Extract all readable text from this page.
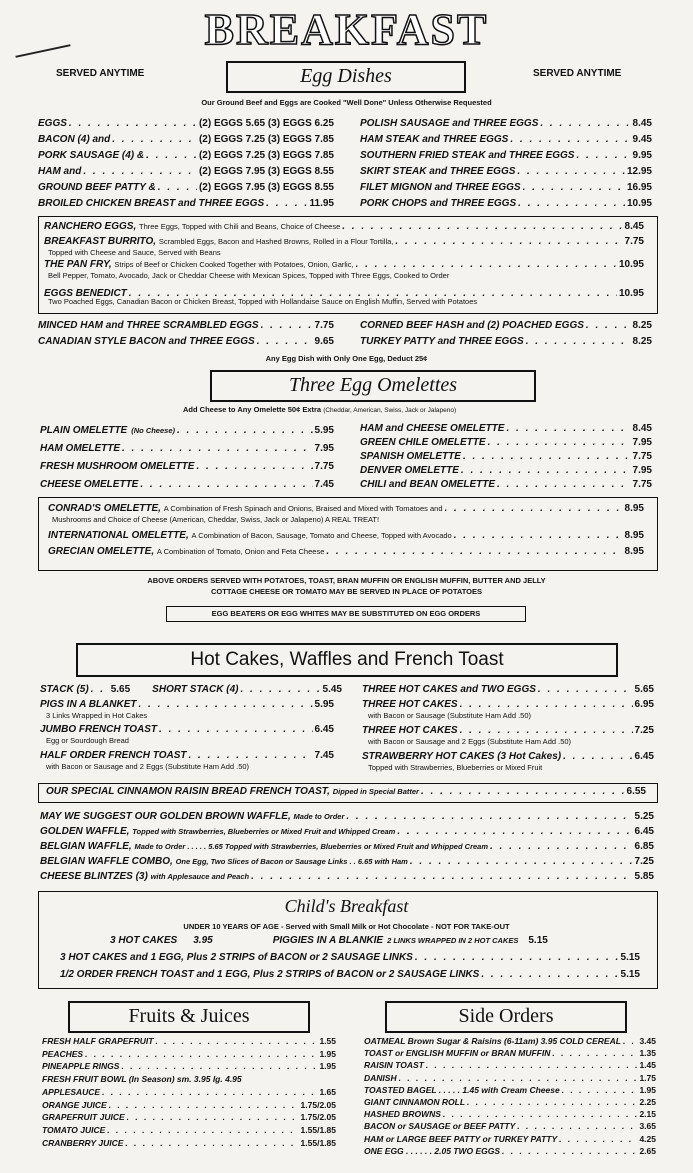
BREAKFAST
SERVED ANYTIME	SERVED ANYTIME
Egg Dishes
Our Ground Beef and Eggs are Cooked "Well Done" Unless Otherwise Requested
EGGS . . .	(2) EGGS 5.65 (3) EGGS 6.25
BACON (4) and . . .	(2) EGGS 7.25 (3) EGGS 7.85
PORK SAUSAGE (4) & . . .	(2) EGGS 7.25 (3) EGGS 7.85
HAM and . . .	(2) EGGS 7.95 (3) EGGS 8.55
GROUND BEEF PATTY & . . .	(2) EGGS 7.95 (3) EGGS 8.55
BROILED CHICKEN BREAST and THREE EGGS . . .	11.95
POLISH SAUSAGE and THREE EGGS . . .	8.45
HAM STEAK and THREE EGGS . . .	9.45
SOUTHERN FRIED STEAK and THREE EGGS . . .	9.95
SKIRT STEAK and THREE EGGS . . .	12.95
FILET MIGNON and THREE EGGS . . .	16.95
PORK CHOPS and THREE EGGS . . .	10.95
RANCHERO EGGS, Three Eggs, Topped with Chili and Beans, Choice of Cheese . . .	8.45
BREAKFAST BURRITO, Scrambled Eggs, Bacon and Hashed Browns, Rolled in a Flour Tortilla, . . .	7.75
Topped with Cheese and Sauce, Served with Beans
THE PAN FRY, Strips of Beef or Chicken Cooked Together with Potatoes, Onion, Garlic, . . .	10.95
Bell Pepper, Tomato, Avocado, Jack or Cheddar Cheese with Mexican Spices, Topped with Three Eggs, Cooked to Order
EGGS BENEDICT . . .	10.95
Two Poached Eggs, Canadian Bacon or Chicken Breast, Topped with Hollandaise Sauce on English Muffin, Served with Potatoes
MINCED HAM and THREE SCRAMBLED EGGS . . .	7.75
CANADIAN STYLE BACON and THREE EGGS . . .	9.65
CORNED BEEF HASH and (2) POACHED EGGS . . .	8.25
TURKEY PATTY and THREE EGGS . . .	8.25
Any Egg Dish with Only One Egg, Deduct 25¢
Three Egg Omelettes
Add Cheese to Any Omelette 50¢ Extra (Cheddar, American, Swiss, Jack or Jalapeno)
PLAIN OMELETTE (No Cheese) . . .	5.95
HAM OMELETTE . . .	7.95
FRESH MUSHROOM OMELETTE . . .	7.75
CHEESE OMELETTE . . .	7.45
HAM and CHEESE OMELETTE . . .	8.45
GREEN CHILE OMELETTE . . .	7.95
SPANISH OMELETTE . . .	7.75
DENVER OMELETTE . . .	7.95
CHILI and BEAN OMELETTE . . .	7.75
CONRAD'S OMELETTE, A Combination of Fresh Spinach and Onions, Braised and Mixed with Tomatoes and . . .	8.95
Mushrooms and Choice of Cheese (American, Cheddar, Swiss, Jack or Jalapeno) A REAL TREAT!
INTERNATIONAL OMELETTE, A Combination of Bacon, Sausage, Tomato and Cheese, Topped with Avocado . . .	8.95
GRECIAN OMELETTE, A Combination of Tomato, Onion and Feta Cheese . . .	8.95
ABOVE ORDERS SERVED WITH POTATOES, TOAST, BRAN MUFFIN OR ENGLISH MUFFIN, BUTTER AND JELLY
COTTAGE CHEESE OR TOMATO MAY BE SERVED IN PLACE OF POTATOES
EGG BEATERS OR EGG WHITES MAY BE SUBSTITUTED ON EGG ORDERS
Hot Cakes, Waffles and French Toast
STACK (5) . . . 5.65 SHORT STACK (4) . . .	5.45
PIGS IN A BLANKET . . .	5.95
3 Links Wrapped in Hot Cakes
JUMBO FRENCH TOAST . . .	6.45
Egg or Sourdough Bread
HALF ORDER FRENCH TOAST . . .	7.45
with Bacon or Sausage and 2 Eggs (Substitute Ham Add .50)
THREE HOT CAKES and TWO EGGS . . .	5.65
THREE HOT CAKES . . .	6.95
with Bacon or Sausage (Substitute Ham Add .50)
THREE HOT CAKES . . .	7.25
with Bacon or Sausage and 2 Eggs (Substitute Ham Add .50)
STRAWBERRY HOT CAKES (3 Hot Cakes) . . .	6.45
Topped with Strawberries, Blueberries or Mixed Fruit
OUR SPECIAL CINNAMON RAISIN BREAD FRENCH TOAST, Dipped in Special Batter . . .	6.55
MAY WE SUGGEST OUR GOLDEN BROWN WAFFLE, Made to Order . . .	5.25
GOLDEN WAFFLE, Topped with Strawberries, Blueberries or Mixed Fruit and Whipped Cream . . .	6.45
BELGIAN WAFFLE, Made to Order . . . . . 5.65 Topped with Strawberries, Blueberries or Mixed Fruit and Whipped Cream . . .	6.85
BELGIAN WAFFLE COMBO, One Egg, Two Slices of Bacon or Sausage Links . . 6.65 with Ham . . .	7.25
CHEESE BLINTZES (3) with Applesauce and Peach . . .	5.85
Child's Breakfast
UNDER 10 YEARS OF AGE - Served with Small Milk or Hot Chocolate - NOT FOR TAKE-OUT
3 HOT CAKES 3.95	PIGGIES IN A BLANKIE 2 LINKS WRAPPED IN 2 HOT CAKES 5.15
3 HOT CAKES and 1 EGG, Plus 2 STRIPS of BACON or 2 SAUSAGE LINKS . . .	5.15
1/2 ORDER FRENCH TOAST and 1 EGG, Plus 2 STRIPS of BACON or 2 SAUSAGE LINKS . . .	5.15
Fruits & Juices	Side Orders
FRESH HALF GRAPEFRUIT . . .	1.55
PEACHES . . .	1.95
PINEAPPLE RINGS . . .	1.95
FRESH FRUIT BOWL (In Season) sm. 3.95 lg. 4.95
APPLESAUCE . . .	1.65
ORANGE JUICE . . .	1.75/2.05
GRAPEFRUIT JUICE . . .	1.75/2.05
TOMATO JUICE . . .	1.55/1.85
CRANBERRY JUICE . . .	1.55/1.85
OATMEAL Brown Sugar & Raisins (6-11am) 3.95 COLD CEREAL . . . 3.45
TOAST or ENGLISH MUFFIN or BRAN MUFFIN . . .	1.35
RAISIN TOAST . . .	1.45
DANISH . . .	1.75
TOASTED BAGEL . . . . . 1.45 with Cream Cheese . . .	1.95
GIANT CINNAMON ROLL . . .	2.25
HASHED BROWNS . . .	2.15
BACON or SAUSAGE or BEEF PATTY . . .	3.65
HAM or LARGE BEEF PATTY or TURKEY PATTY . . .	4.25
ONE EGG . . . . . . 2.05 TWO EGGS . . .	2.65
